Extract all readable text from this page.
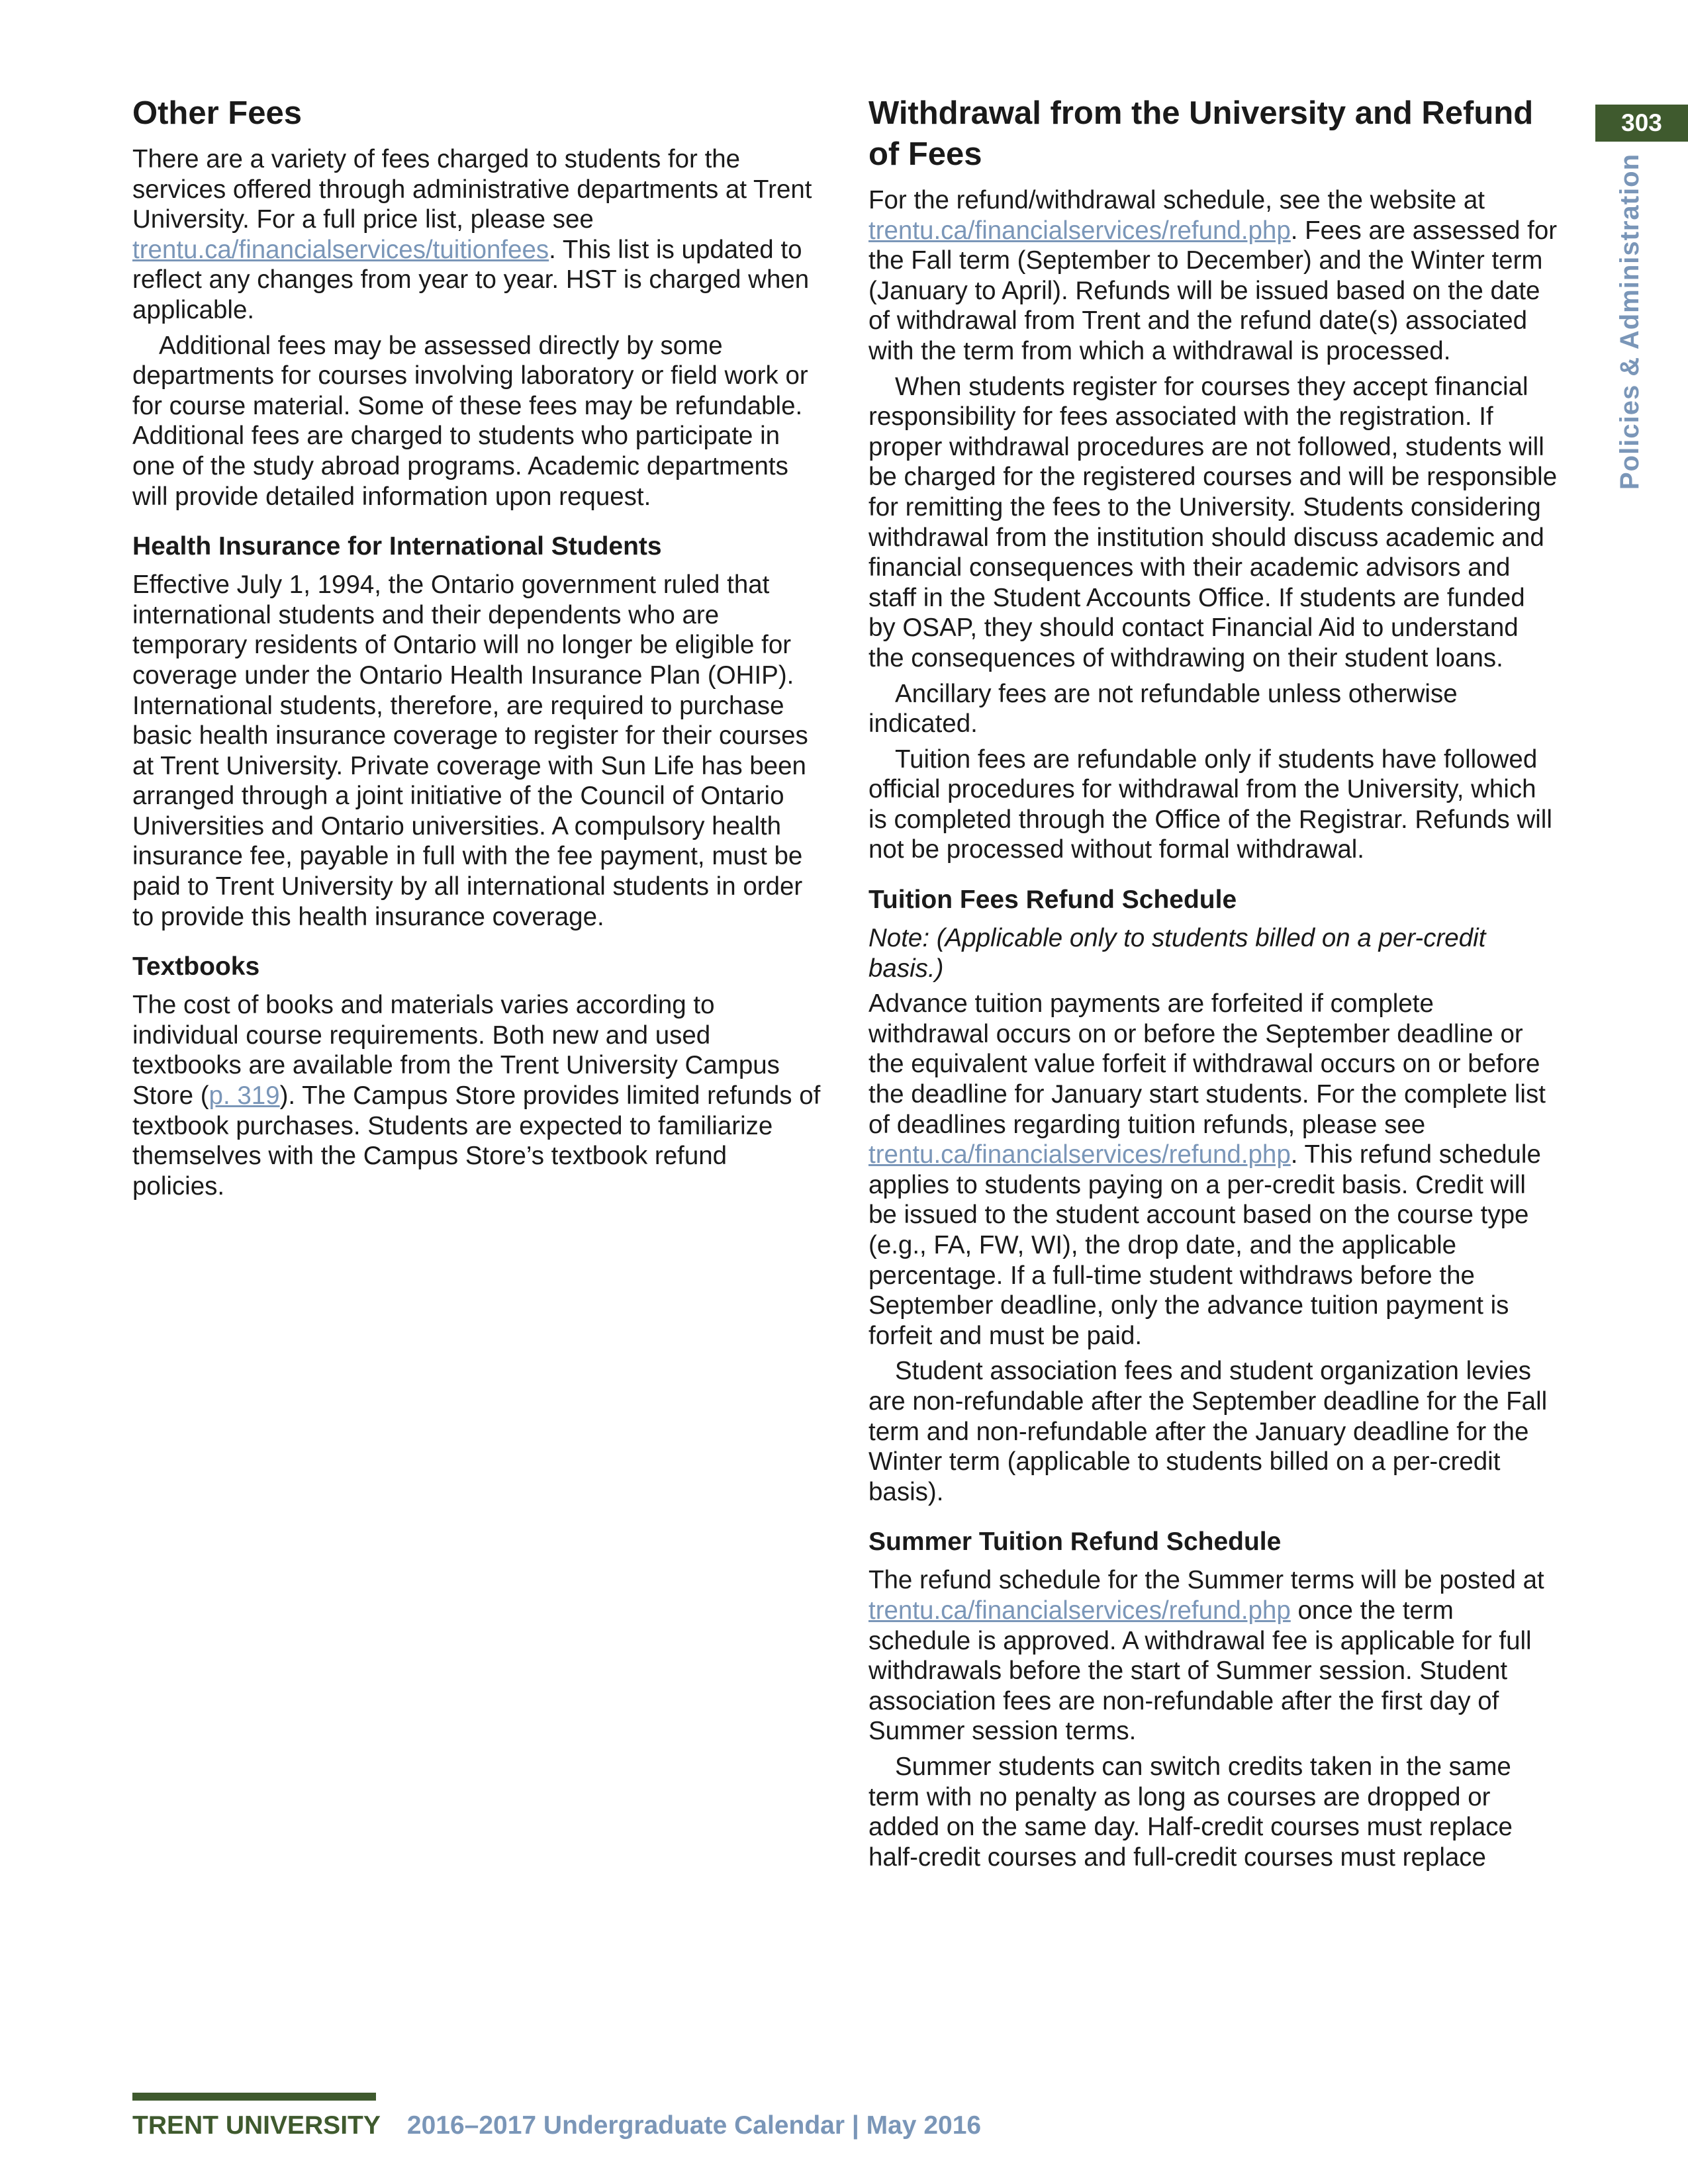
303
Policies & Administration
Other Fees

There are a variety of fees charged to students for the services offered through administrative departments at Trent University. For a full price list, please see trentu.ca/financialservices/tuitionfees. This list is updated to reflect any changes from year to year. HST is charged when applicable.

Additional fees may be assessed directly by some departments for courses involving laboratory or field work or for course material. Some of these fees may be refundable. Additional fees are charged to students who participate in one of the study abroad programs. Academic departments will provide detailed information upon request.

Health Insurance for International Students

Effective July 1, 1994, the Ontario government ruled that international students and their dependents who are temporary residents of Ontario will no longer be eligible for coverage under the Ontario Health Insurance Plan (OHIP). International students, therefore, are required to purchase basic health insurance coverage to register for their courses at Trent University. Private coverage with Sun Life has been arranged through a joint initiative of the Council of Ontario Universities and Ontario universities. A compulsory health insurance fee, payable in full with the fee payment, must be paid to Trent University by all international students in order to provide this health insurance coverage.

Textbooks

The cost of books and materials varies according to individual course requirements. Both new and used textbooks are available from the Trent University Campus Store (p. 319). The Campus Store provides limited refunds of textbook purchases. Students are expected to familiarize themselves with the Campus Store’s textbook refund policies.

Withdrawal from the University and Refund of Fees

For the refund/withdrawal schedule, see the website at trentu.ca/financialservices/refund.php. Fees are assessed for the Fall term (September to December) and the Winter term (January to April). Refunds will be issued based on the date of withdrawal from Trent and the refund date(s) associated with the term from which a withdrawal is processed.

When students register for courses they accept financial responsibility for fees associated with the registration. If proper withdrawal procedures are not followed, students will be charged for the registered courses and will be responsible for remitting the fees to the University. Students considering withdrawal from the institution should discuss academic and financial consequences with their academic advisors and staff in the Student Accounts Office. If students are funded by OSAP, they should contact Financial Aid to understand the consequences of withdrawing on their student loans.

Ancillary fees are not refundable unless otherwise indicated.

Tuition fees are refundable only if students have followed official procedures for withdrawal from the University, which is completed through the Office of the Registrar. Refunds will not be processed without formal withdrawal.

Tuition Fees Refund Schedule

Note: (Applicable only to students billed on a per-credit basis.)

Advance tuition payments are forfeited if complete withdrawal occurs on or before the September deadline or the equivalent value forfeit if withdrawal occurs on or before the deadline for January start students. For the complete list of deadlines regarding tuition refunds, please see trentu.ca/financialservices/refund.php. This refund schedule applies to students paying on a per-credit basis. Credit will be issued to the student account based on the course type (e.g., FA, FW, WI), the drop date, and the applicable percentage. If a full-time student withdraws before the September deadline, only the advance tuition payment is forfeit and must be paid.

Student association fees and student organization levies are non-refundable after the September deadline for the Fall term and non-refundable after the January deadline for the Winter term (applicable to students billed on a per-credit basis).

Summer Tuition Refund Schedule

The refund schedule for the Summer terms will be posted at trentu.ca/financialservices/refund.php once the term schedule is approved. A withdrawal fee is applicable for full withdrawals before the start of Summer session. Student association fees are non-refundable after the first day of Summer session terms.

Summer students can switch credits taken in the same term with no penalty as long as courses are dropped or added on the same day. Half-credit courses must replace half-credit courses and full-credit courses must replace

TRENT UNIVERSITY 2016–2017 Undergraduate Calendar | May 2016
